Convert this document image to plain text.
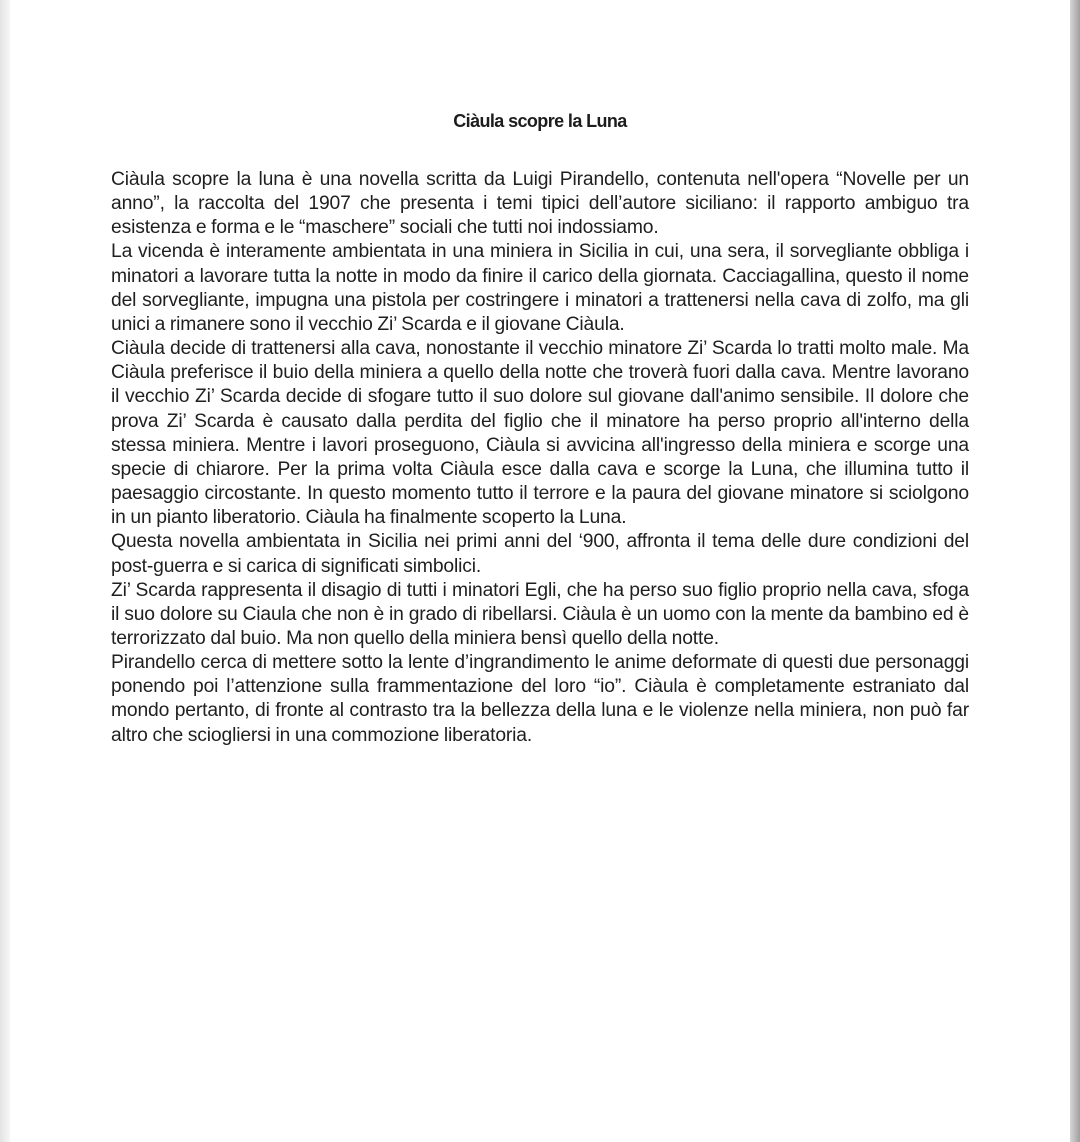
Ciàula scopre la Luna

Ciàula scopre la luna è una novella scritta da Luigi Pirandello, contenuta nell'opera “Novelle per un anno”, la raccolta del 1907 che presenta i temi tipici dell’autore siciliano: il rapporto ambiguo tra esistenza e forma e le “maschere” sociali che tutti noi indossiamo.

La vicenda è interamente ambientata in una miniera in Sicilia in cui, una sera, il sorvegliante obbliga i minatori a lavorare tutta la notte in modo da finire il carico della giornata. Cacciagallina, questo il nome del sorvegliante, impugna una pistola per costringere i minatori a trattenersi nella cava di zolfo, ma gli unici a rimanere sono il vecchio Zi’ Scarda e il giovane Ciàula.

Ciàula decide di trattenersi alla cava, nonostante il vecchio minatore Zi’ Scarda lo tratti molto male. Ma Ciàula preferisce il buio della miniera a quello della notte che troverà fuori dalla cava. Mentre lavorano il vecchio Zi’ Scarda decide di sfogare tutto il suo dolore sul giovane dall'animo sensibile. Il dolore che prova Zi’ Scarda è causato dalla perdita del figlio che il minatore ha perso proprio all'interno della stessa miniera. Mentre i lavori proseguono, Ciàula si avvicina all'ingresso della miniera e scorge una specie di chiarore. Per la prima volta Ciàula esce dalla cava e scorge la Luna, che illumina tutto il paesaggio circostante. In questo momento tutto il terrore e la paura del giovane minatore si sciolgono in un pianto liberatorio. Ciàula ha finalmente scoperto la Luna.

Questa novella ambientata in Sicilia nei primi anni del ‘900, affronta il tema delle dure condizioni del post-guerra e si carica di significati simbolici.

Zi’ Scarda rappresenta il disagio di tutti i minatori Egli, che ha perso suo figlio proprio nella cava, sfoga il suo dolore su Ciaula che non è in grado di ribellarsi. Ciàula è un uomo con la mente da bambino ed è terrorizzato dal buio. Ma non quello della miniera bensì quello della notte.

Pirandello cerca di mettere sotto la lente d’ingrandimento le anime deformate di questi due personaggi ponendo poi l’attenzione sulla frammentazione del loro “io”. Ciàula è completamente estraniato dal mondo pertanto, di fronte al contrasto tra la bellezza della luna e le violenze nella miniera, non può far altro che sciogliersi in una commozione liberatoria.
